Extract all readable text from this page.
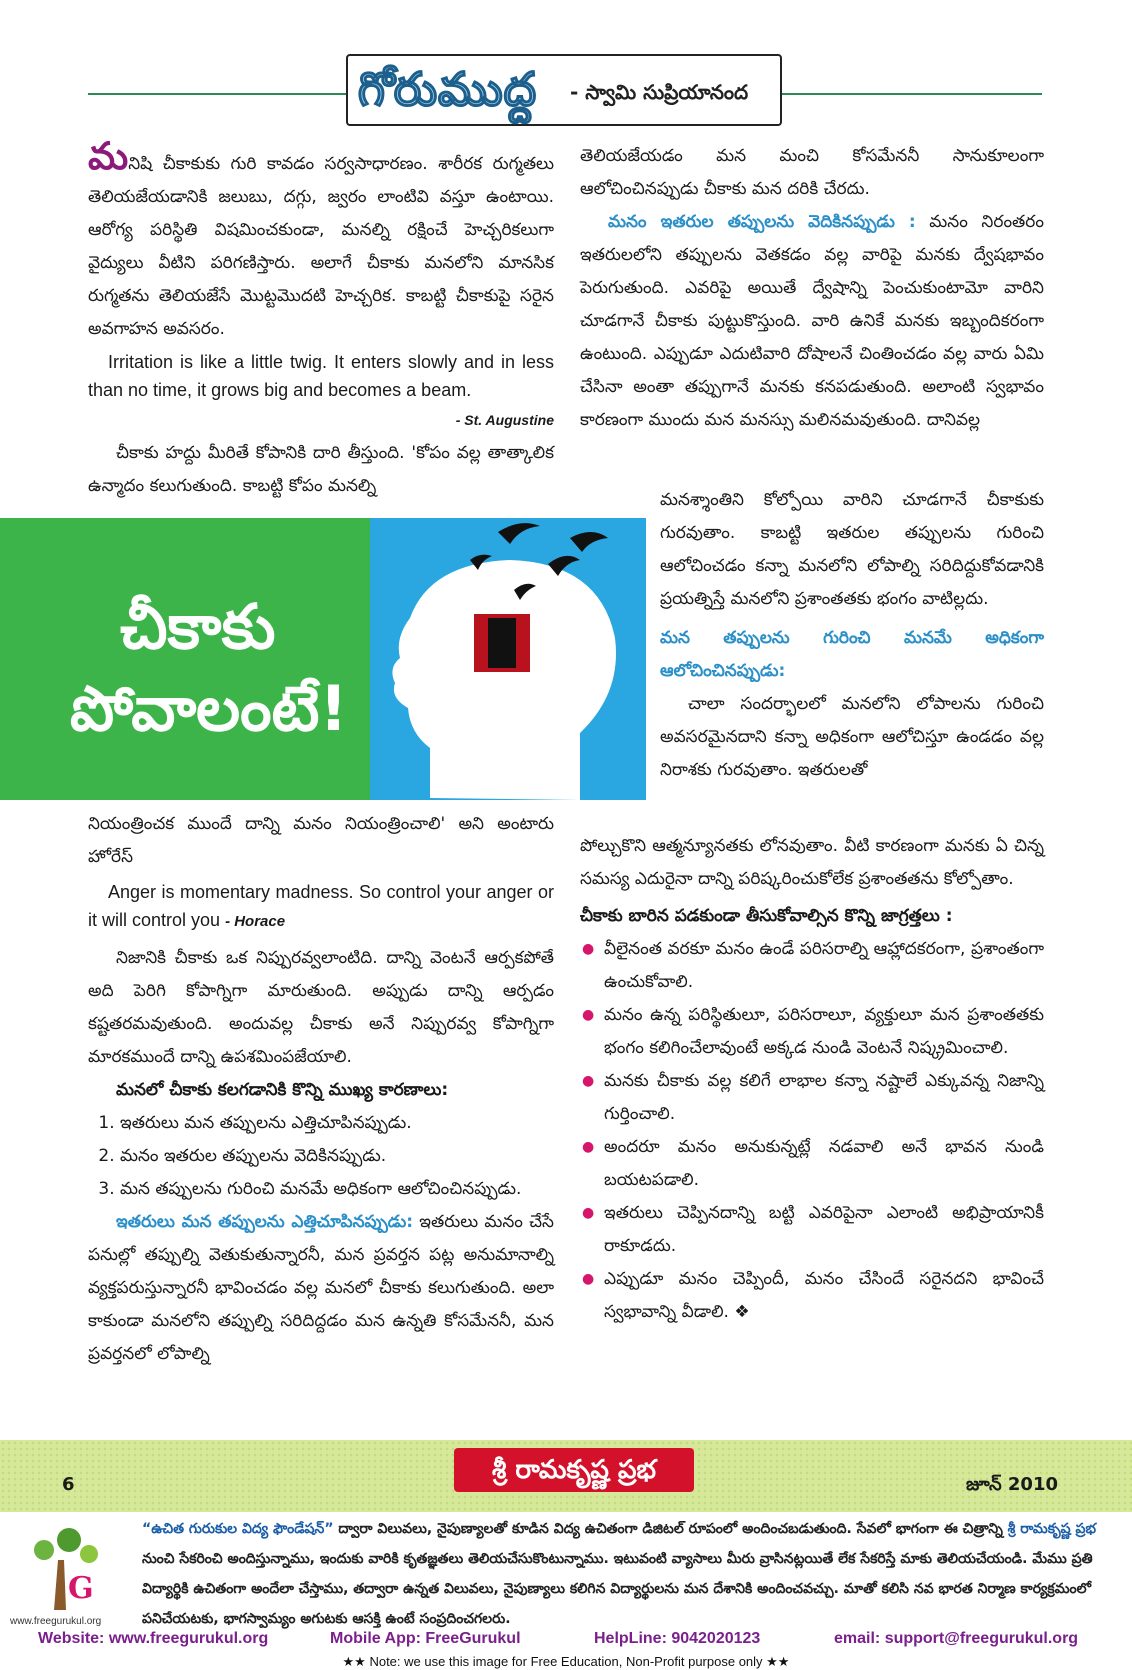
గోరుముద్ద - స్వామి సుప్రియానంద

మనిషి చీకాకుకు గురి కావడం సర్వసాధారణం. శారీరక రుగ్మతలు తెలియజేయడానికి జలుబు, దగ్గు, జ్వరం లాంటివి వస్తూ ఉంటాయి. ఆరోగ్య పరిస్థితి విషమించకుండా, మనల్ని రక్షించే హెచ్చరికలుగా వైద్యులు వీటిని పరిగణిస్తారు. అలాగే చీకాకు మనలోని మానసిక రుగ్మతను తెలియజేసే మొట్టమొదటి హెచ్చరిక. కాబట్టి చీకాకుపై సరైన అవగాహన అవసరం.

Irritation is like a little twig. It enters slowly and in less than no time, it grows big and becomes a beam.

- St. Augustine

చీకాకు హద్దు మీరితే కోపానికి దారి తీస్తుంది. 'కోపం వల్ల తాత్కాలిక ఉన్మాదం కలుగుతుంది. కాబట్టి కోపం మనల్ని

చీకాకు
పోవాలంటే!

నియంత్రించక ముందే దాన్ని మనం నియంత్రించాలి' అని అంటారు హోరేస్

Anger is momentary madness. So control your anger or it will control you - Horace

నిజానికి చీకాకు ఒక నిప్పురవ్వలాంటిది. దాన్ని వెంటనే ఆర్పకపోతే అది పెరిగి కోపాగ్నిగా మారుతుంది. అప్పుడు దాన్ని ఆర్పడం కష్టతరమవుతుంది. అందువల్ల చీకాకు అనే నిప్పురవ్వ కోపాగ్నిగా మారకముందే దాన్ని ఉపశమింపజేయాలి.

మనలో చీకాకు కలగడానికి కొన్ని ముఖ్య కారణాలు:

1. ఇతరులు మన తప్పులను ఎత్తిచూపినప్పుడు.
2. మనం ఇతరుల తప్పులను వెదికినప్పుడు.
3. మన తప్పులను గురించి మనమే అధికంగా ఆలోచించినప్పుడు.

ఇతరులు మన తప్పులను ఎత్తిచూపినప్పుడు: ఇతరులు మనం చేసే పనుల్లో తప్పుల్ని వెతుకుతున్నారనీ, మన ప్రవర్తన పట్ల అనుమానాల్ని వ్యక్తపరుస్తున్నారనీ భావించడం వల్ల మనలో చీకాకు కలుగుతుంది. అలా కాకుండా మనలోని తప్పుల్ని సరిదిద్దడం మన ఉన్నతి కోసమేననీ, మన ప్రవర్తనలో లోపాల్ని

తెలియజేయడం మన మంచి కోసమేననీ సానుకూలంగా ఆలోచించినప్పుడు చీకాకు మన దరికి చేరదు.

మనం ఇతరుల తప్పులను వెదికినప్పుడు : మనం నిరంతరం ఇతరులలోని తప్పులను వెతకడం వల్ల వారిపై మనకు ద్వేషభావం పెరుగుతుంది. ఎవరిపై అయితే ద్వేషాన్ని పెంచుకుంటామో వారిని చూడగానే చీకాకు పుట్టుకొస్తుంది. వారి ఉనికే మనకు ఇబ్బందికరంగా ఉంటుంది. ఎప్పుడూ ఎదుటివారి దోషాలనే చింతించడం వల్ల వారు ఏమి చేసినా అంతా తప్పుగానే మనకు కనపడుతుంది. అలాంటి స్వభావం కారణంగా ముందు మన మనస్సు మలినమవుతుంది. దానివల్ల

మనశ్శాంతిని కోల్పోయి వారిని చూడగానే చీకాకుకు గురవుతాం. కాబట్టి ఇతరుల తప్పులను గురించి ఆలోచించడం కన్నా మనలోని లోపాల్ని సరిదిద్దుకోవడానికి ప్రయత్నిస్తే మనలోని ప్రశాంతతకు భంగం వాటిల్లదు.

మన తప్పులను గురించి మనమే అధికంగా ఆలోచించినప్పుడు:

చాలా సందర్భాలలో మనలోని లోపాలను గురించి అవసరమైనదాని కన్నా అధికంగా ఆలోచిస్తూ ఉండడం వల్ల నిరాశకు గురవుతాం. ఇతరులతో

పోల్చుకొని ఆత్మన్యూనతకు లోనవుతాం. వీటి కారణంగా మనకు ఏ చిన్న సమస్య ఎదురైనా దాన్ని పరిష్కరించుకోలేక ప్రశాంతతను కోల్పోతాం.

చీకాకు బారిన పడకుండా తీసుకోవాల్సిన కొన్ని జాగ్రత్తలు :

● వీలైనంత వరకూ మనం ఉండే పరిసరాల్ని ఆహ్లాదకరంగా, ప్రశాంతంగా ఉంచుకోవాలి.
● మనం ఉన్న పరిస్థితులూ, పరిసరాలూ, వ్యక్తులూ మన ప్రశాంతతకు భంగం కలిగించేలావుంటే అక్కడ నుండి వెంటనే నిష్క్రమించాలి.
● మనకు చీకాకు వల్ల కలిగే లాభాల కన్నా నష్టాలే ఎక్కువన్న నిజాన్ని గుర్తించాలి.
● అందరూ మనం అనుకున్నట్లే నడవాలి అనే భావన నుండి బయటపడాలి.
● ఇతరులు చెప్పినదాన్ని బట్టి ఎవరిపైనా ఎలాంటి అభిప్రాయానికీ రాకూడదు.
● ఎప్పుడూ మనం చెప్పిందీ, మనం చేసిందే సరైనదని భావించే స్వభావాన్ని వీడాలి. ❖
6	శ్రీ రామకృష్ణ ప్రభ	జూన్ 2010
G
www.freegurukul.org
“ఉచిత గురుకుల విద్య ఫౌండేషన్” ద్వారా విలువలు, నైపుణ్యాలతో కూడిన విద్య ఉచితంగా డిజిటల్ రూపంలో అందించబడుతుంది. సేవలో భాగంగా ఈ చిత్రాన్ని శ్రీ రామకృష్ణ ప్రభ నుంచి సేకరించి అందిస్తున్నాము, ఇందుకు వారికి కృతజ్ఞతలు తెలియచేసుకొంటున్నాము. ఇటువంటి వ్యాసాలు మీరు వ్రాసినట్లయితే లేక సేకరిస్తే మాకు తెలియచేయండి. మేము ప్రతి విద్యార్థికి ఉచితంగా అందేలా చేస్తాము, తద్వారా ఉన్నత విలువలు, నైపుణ్యాలు కలిగిన విద్యార్థులను మన దేశానికి అందించవచ్చు. మాతో కలిసి నవ భారత నిర్మాణ కార్యక్రమంలో పనిచేయటకు, భాగస్వామ్యం అగుటకు ఆసక్తి ఉంటే సంప్రదించగలరు.
Website: www.freegurukul.org	Mobile App: FreeGurukul	HelpLine: 9042020123	email: support@freegurukul.org
★★ Note: we use this image for Free Education, Non-Profit purpose only ★★
